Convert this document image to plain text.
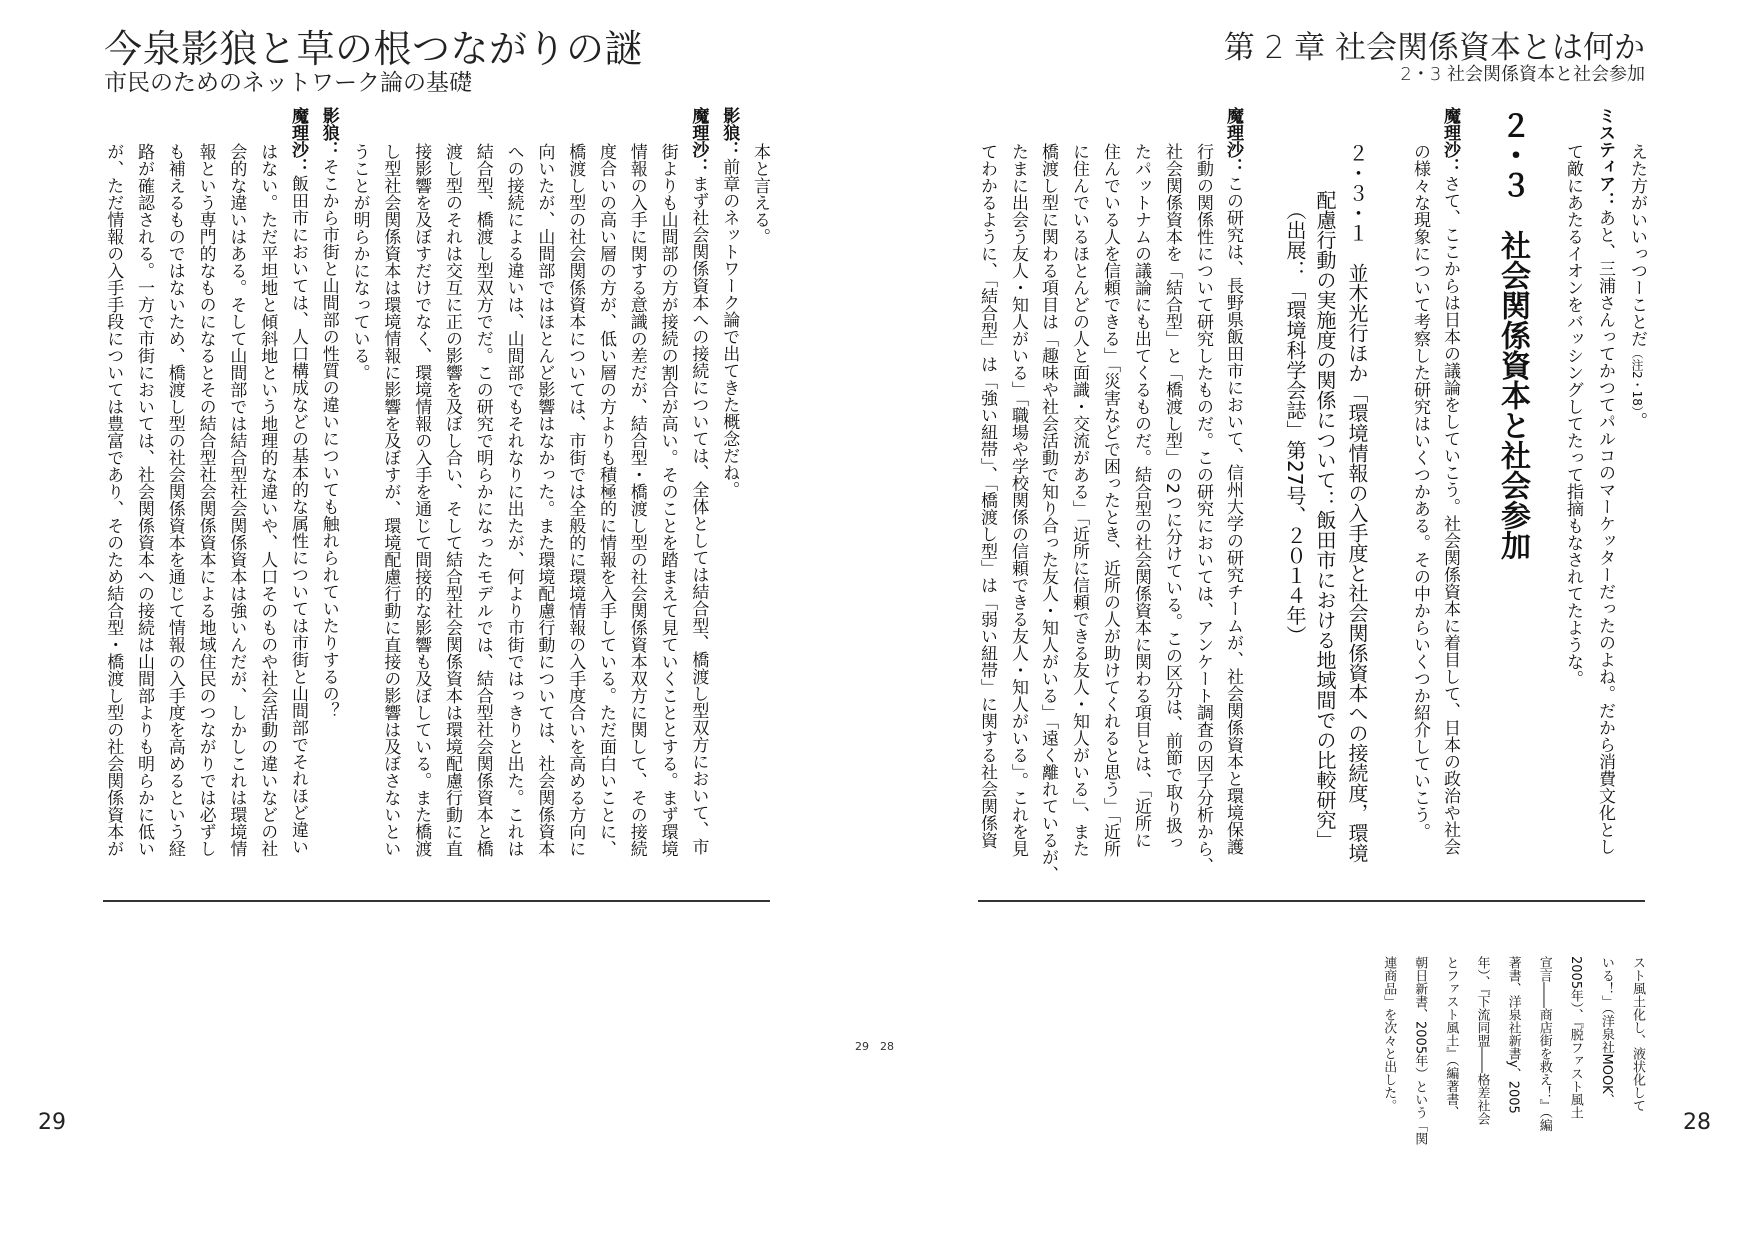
今泉影狼と草の根つながりの謎
市民のためのネットワーク論の基礎
第 2 章 社会関係資本とは何か
2・3 社会関係資本と社会参加
えた方がいいっつーことだ（注2・18）。
ミスティア：あと、三浦さんってかつてパルコのマーケッターだったのよね。だから消費文化とし
て敵にあたるイオンをバッシングしてたって指摘もなされてたような。
２・３　社会関係資本と社会参加
魔理沙：さて、ここからは日本の議論をしていこう。社会関係資本に着目して、日本の政治や社会
の様々な現象について考察した研究はいくつかある。その中からいくつか紹介していこう。
２・３・１　並木光行ほか「環境情報の入手度と社会関係資本への接続度，環境
配慮行動の実施度の関係について：飯田市における地域間での比較研究」
（出展：「環境科学会誌」第27号、２０１４年）
魔理沙：この研究は、長野県飯田市において、信州大学の研究チームが、社会関係資本と環境保護
行動の関係性について研究したものだ。この研究においては、アンケート調査の因子分析から、
社会関係資本を「結合型」と「橋渡し型」の2つに分けている。この区分は、前節で取り扱っ
たパットナムの議論にも出てくるものだ。結合型の社会関係資本に関わる項目とは、「近所に
住んでいる人を信頼できる」「災害などで困ったとき、近所の人が助けてくれると思う」「近所
に住んでいるほとんどの人と面識・交流がある」「近所に信頼できる友人・知人がいる」、また
橋渡し型に関わる項目は「趣味や社会活動で知り合った友人・知人がいる」「遠く離れているが、
たまに出会う友人・知人がいる」「職場や学校関係の信頼できる友人・知人がいる」。これを見
てわかるように、「結合型」は「強い紐帯」、「橋渡し型」は「弱い紐帯」に関する社会関係資
本と言える。
影狼：前章のネットワーク論で出てきた概念だね。
魔理沙：まず社会関係資本への接続については、全体としては結合型、橋渡し型双方において、市
街よりも山間部の方が接続の割合が高い。そのことを踏まえて見ていくこととする。まず環境
情報の入手に関する意識の差だが、結合型・橋渡し型の社会関係資本双方に関して、その接続
度合いの高い層の方が、低い層の方よりも積極的に情報を入手している。ただ面白いことに、
橋渡し型の社会関係資本については、市街では全般的に環境情報の入手度合いを高める方向に
向いたが、山間部ではほとんど影響はなかった。また環境配慮行動については、社会関係資本
への接続による違いは、山間部でもそれなりに出たが、何より市街ではっきりと出た。これは
結合型、橋渡し型双方でだ。この研究で明らかになったモデルでは、結合型社会関係資本と橋
渡し型のそれは交互に正の影響を及ぼし合い、そして結合型社会関係資本は環境配慮行動に直
接影響を及ぼすだけでなく、環境情報の入手を通じて間接的な影響も及ぼしている。また橋渡
し型社会関係資本は環境情報に影響を及ぼすが、環境配慮行動に直接の影響は及ぼさないとい
うことが明らかになっている。
影狼：そこから市街と山間部の性質の違いについても触れられていたりするの？
魔理沙：飯田市においては、人口構成などの基本的な属性については市街と山間部でそれほど違い
はない。ただ平坦地と傾斜地という地理的な違いや、人口そのものや社会活動の違いなどの社
会的な違いはある。そして山間部では結合型社会関係資本は強いんだが、しかしこれは環境情
報という専門的なものになるとその結合型社会関係資本による地域住民のつながりでは必ずし
も補えるものではないため、橋渡し型の社会関係資本を通じて情報の入手度を高めるという経
路が確認される。一方で市街においては、社会関係資本への接続は山間部よりも明らかに低い
が、ただ情報の入手手段については豊富であり、そのため結合型・橋渡し型の社会関係資本が
スト風土化し、液状化して
いる！」（洋泉社MOOK、
2005年）、『脱ファスト風土
宣言――商店街を救え！』（編
著書、洋泉社新書y、2005
年）、『下流同盟――格差社会
とファスト風土』（編著書、
朝日新書、2005年）という「関
連商品」を次々と出した。
29　28
29	28
